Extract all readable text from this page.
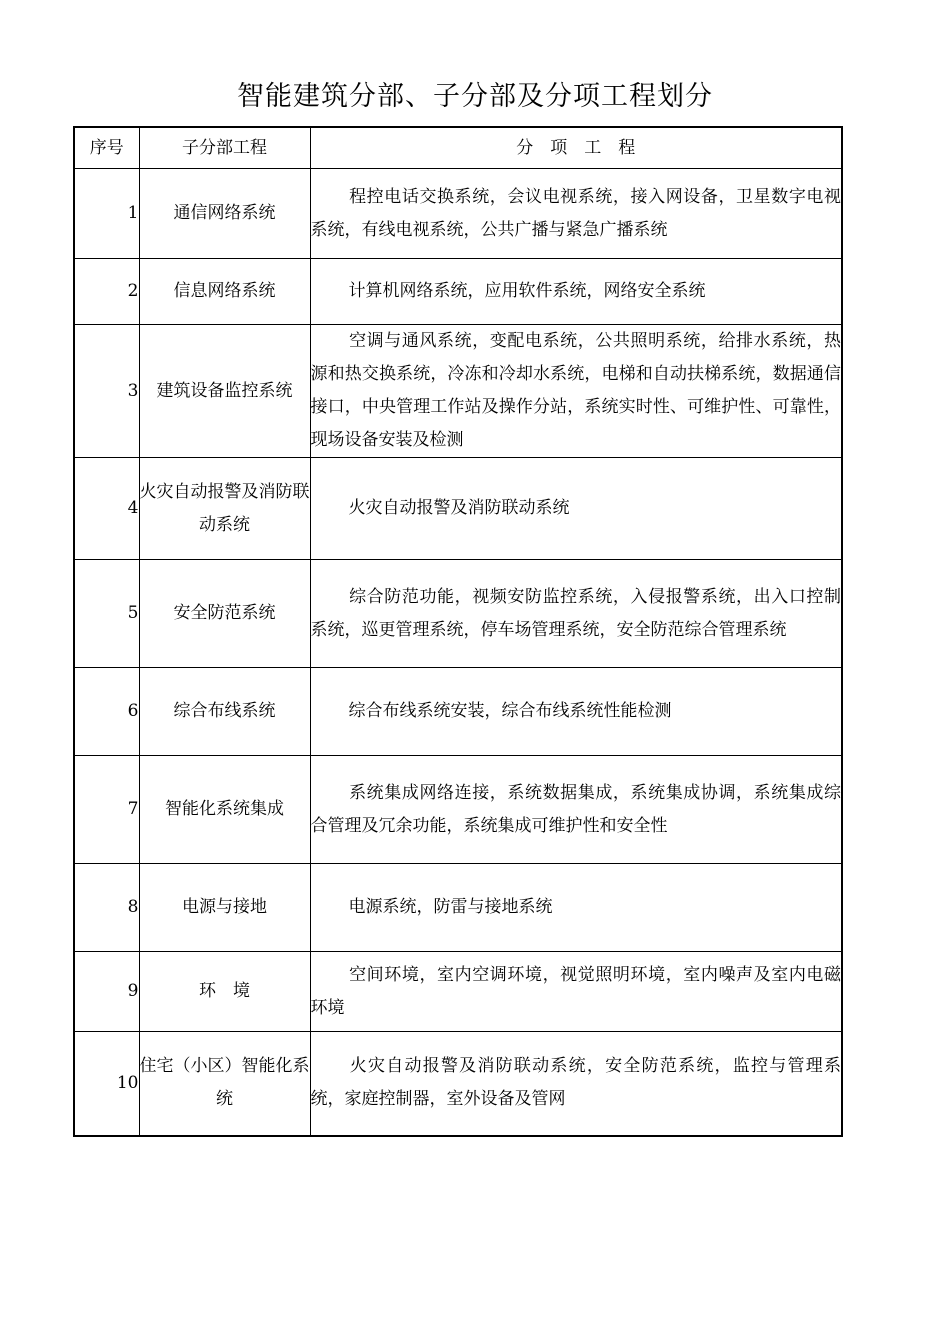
智能建筑分部、子分部及分项工程划分
序号	子分部工程	分　项　工　程
1	通信网络系统	程控电话交换系统，会议电视系统，接入网设备，卫星数字电视系统，有线电视系统，公共广播与紧急广播系统
2	信息网络系统	计算机网络系统，应用软件系统，网络安全系统
3	建筑设备监控系统	空调与通风系统，变配电系统，公共照明系统，给排水系统，热源和热交换系统，冷冻和冷却水系统，电梯和自动扶梯系统，数据通信接口，中央管理工作站及操作分站，系统实时性、可维护性、可靠性，现场设备安装及检测
4	火灾自动报警及消防联动系统	火灾自动报警及消防联动系统
5	安全防范系统	综合防范功能，视频安防监控系统，入侵报警系统，出入口控制系统，巡更管理系统，停车场管理系统，安全防范综合管理系统
6	综合布线系统	综合布线系统安装，综合布线系统性能检测
7	智能化系统集成	系统集成网络连接，系统数据集成，系统集成协调，系统集成综合管理及冗余功能，系统集成可维护性和安全性
8	电源与接地	电源系统，防雷与接地系统
9	环　境	空间环境，室内空调环境，视觉照明环境，室内噪声及室内电磁环境
10	住宅（小区）智能化系统	火灾自动报警及消防联动系统，安全防范系统，监控与管理系统，家庭控制器，室外设备及管网
